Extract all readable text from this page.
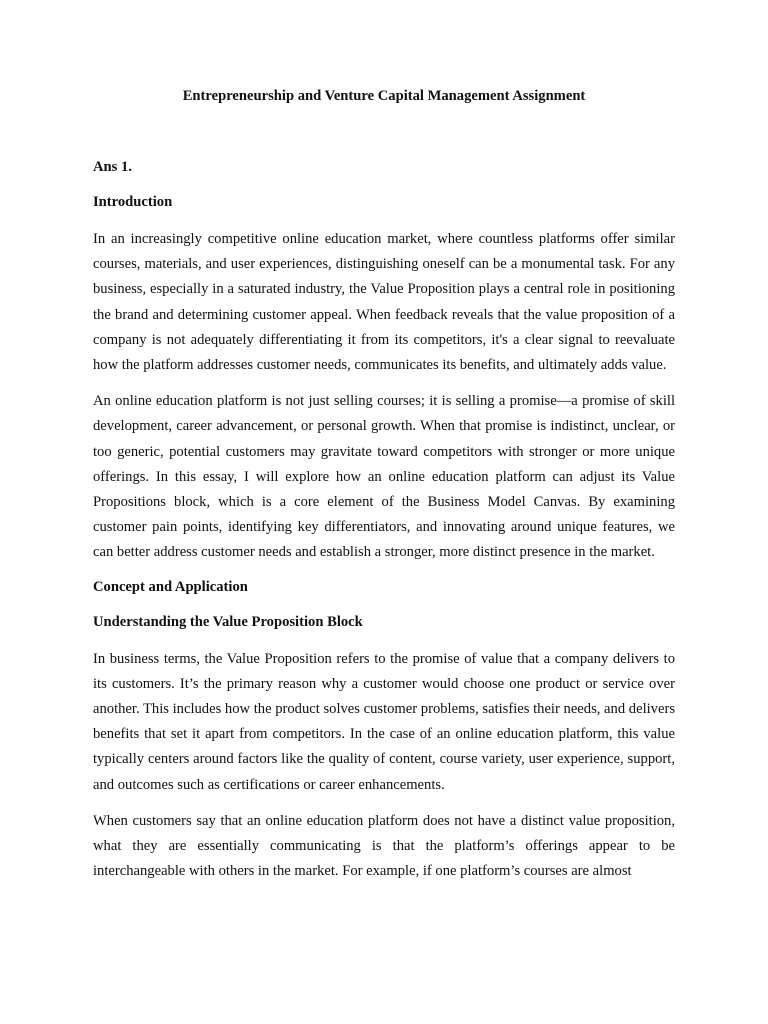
Entrepreneurship and Venture Capital Management Assignment
Ans 1.
Introduction

In an increasingly competitive online education market, where countless platforms offer similar courses, materials, and user experiences, distinguishing oneself can be a monumental task. For any business, especially in a saturated industry, the Value Proposition plays a central role in positioning the brand and determining customer appeal. When feedback reveals that the value proposition of a company is not adequately differentiating it from its competitors, it's a clear signal to reevaluate how the platform addresses customer needs, communicates its benefits, and ultimately adds value.

An online education platform is not just selling courses; it is selling a promise—a promise of skill development, career advancement, or personal growth. When that promise is indistinct, unclear, or too generic, potential customers may gravitate toward competitors with stronger or more unique offerings. In this essay, I will explore how an online education platform can adjust its Value Propositions block, which is a core element of the Business Model Canvas. By examining customer pain points, identifying key differentiators, and innovating around unique features, we can better address customer needs and establish a stronger, more distinct presence in the market.

Concept and Application
Understanding the Value Proposition Block

In business terms, the Value Proposition refers to the promise of value that a company delivers to its customers. It’s the primary reason why a customer would choose one product or service over another. This includes how the product solves customer problems, satisfies their needs, and delivers benefits that set it apart from competitors. In the case of an online education platform, this value typically centers around factors like the quality of content, course variety, user experience, support, and outcomes such as certifications or career enhancements.

When customers say that an online education platform does not have a distinct value proposition, what they are essentially communicating is that the platform’s offerings appear to be interchangeable with others in the market. For example, if one platform’s courses are almost
